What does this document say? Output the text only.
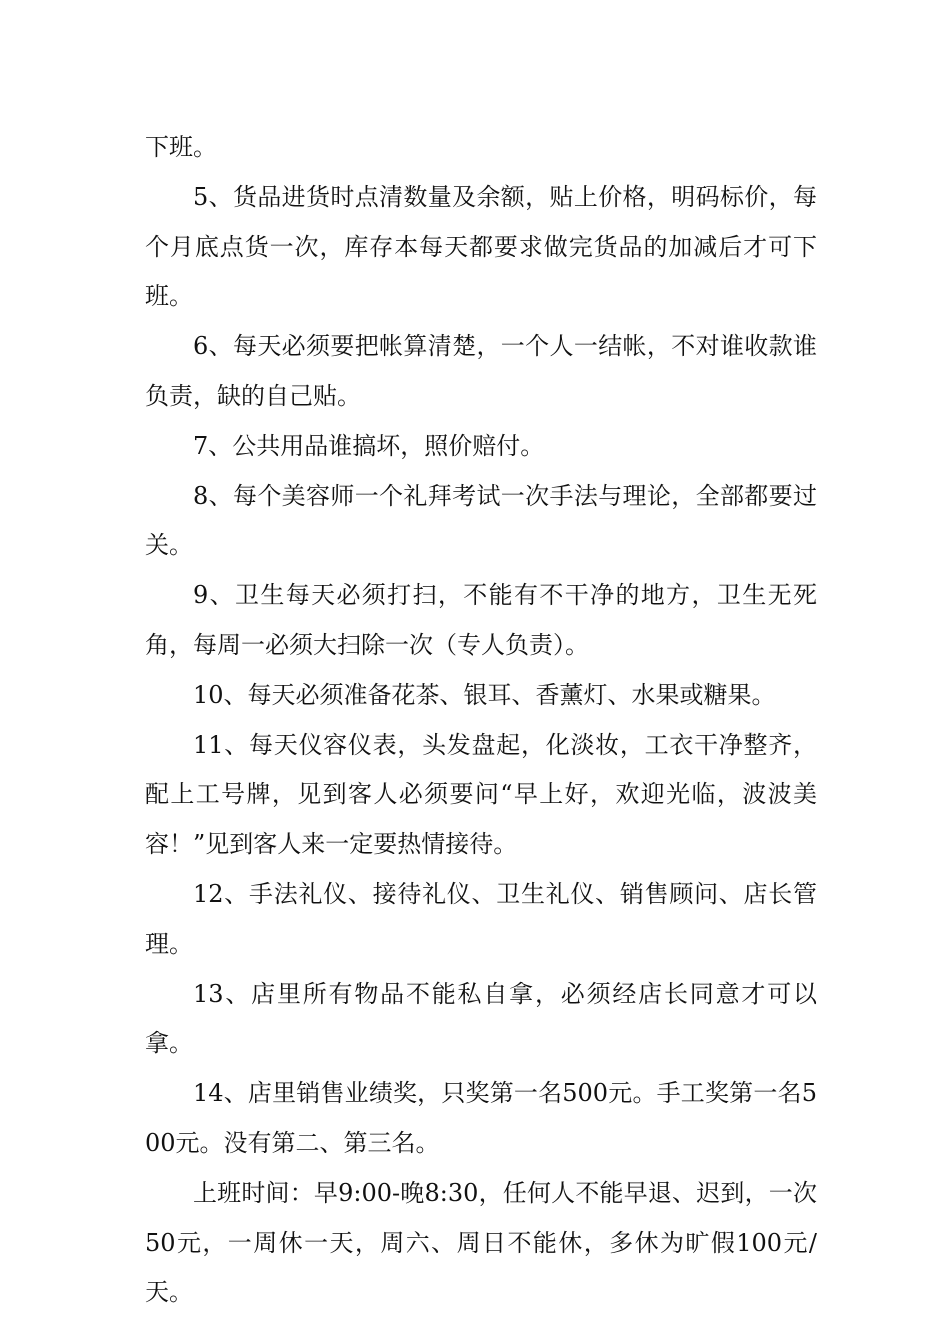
下班。

5、货品进货时点清数量及余额，贴上价格，明码标价，每个月底点货一次，库存本每天都要求做完货品的加减后才可下班。

6、每天必须要把帐算清楚，一个人一结帐，不对谁收款谁负责，缺的自己贴。

7、公共用品谁搞坏，照价赔付。

8、每个美容师一个礼拜考试一次手法与理论，全部都要过关。

9、卫生每天必须打扫，不能有不干净的地方，卫生无死角，每周一必须大扫除一次（专人负责）。

10、每天必须准备花茶、银耳、香薰灯、水果或糖果。

11、每天仪容仪表，头发盘起，化淡妆，工衣干净整齐，配上工号牌，见到客人必须要问“早上好，欢迎光临，波波美容！”见到客人来一定要热情接待。

12、手法礼仪、接待礼仪、卫生礼仪、销售顾问、店长管理。

13、店里所有物品不能私自拿，必须经店长同意才可以拿。

14、店里销售业绩奖，只奖第一名500元。手工奖第一名500元。没有第二、第三名。

上班时间：早9:00-晚8:30，任何人不能早退、迟到，一次50元，一周休一天，周六、周日不能休，多休为旷假100元/天。
